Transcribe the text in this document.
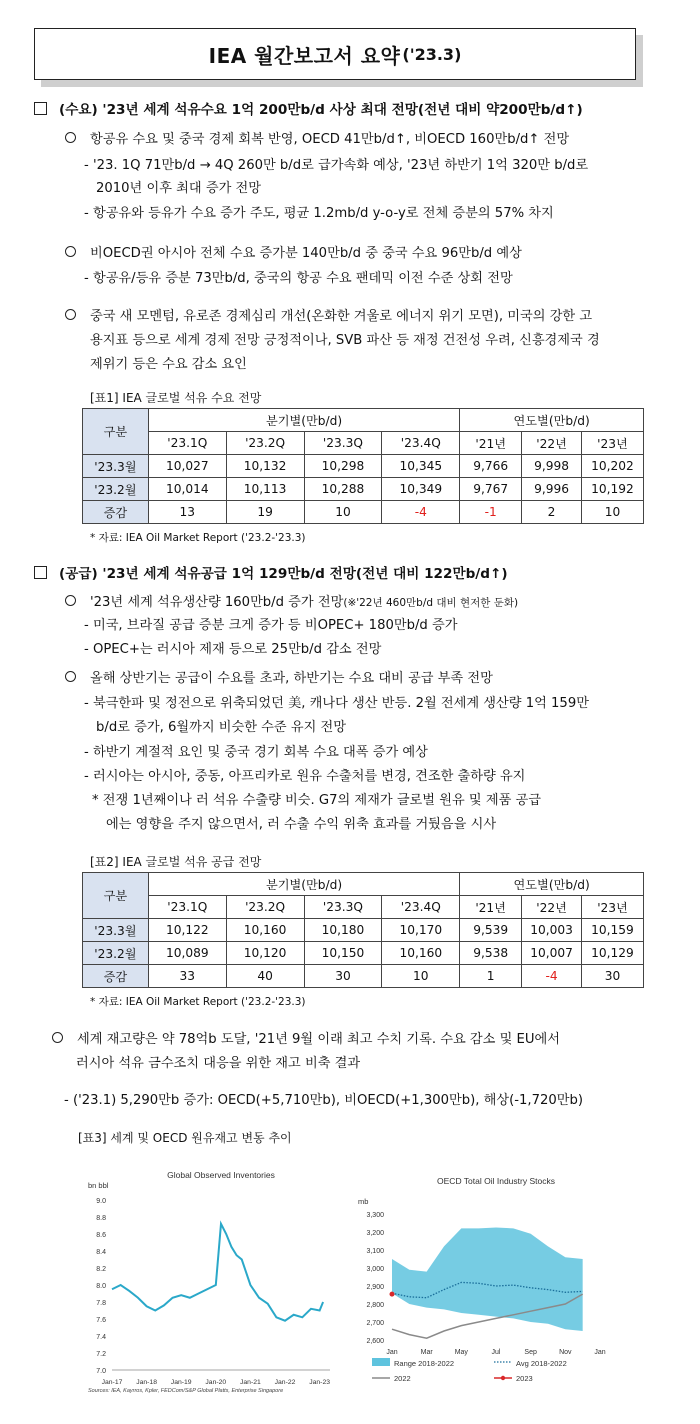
IEA 월간보고서 요약 ('23.3)
(수요) '23년 세계 석유수요 1억 200만b/d 사상 최대 전망(전년 대비 약200만b/d↑)
항공유 수요 및 중국 경제 회복 반영, OECD 41만b/d↑, 비OECD 160만b/d↑ 전망
- '23. 1Q 71만b/d → 4Q 260만 b/d로 급가속화 예상, '23년 하반기 1억 320만 b/d로
2010년 이후 최대 증가 전망
- 항공유와 등유가 수요 증가 주도, 평균 1.2mb/d y-o-y로 전체 증분의 57% 차지
비OECD권 아시아 전체 수요 증가분 140만b/d 중 중국 수요 96만b/d 예상
- 항공유/등유 증분 73만b/d, 중국의 항공 수요 팬데믹 이전 수준 상회 전망
중국 새 모멘텀, 유로존 경제심리 개선(온화한 겨울로 에너지 위기 모면), 미국의 강한 고
용지표 등으로 세계 경제 전망 긍정적이나, SVB 파산 등 재정 건전성 우려, 신흥경제국 경
제위기 등은 수요 감소 요인
[표1] IEA 글로벌 석유 수요 전망
구분	분기별(만b/d)				연도별(만b/d)		
	'23.1Q	'23.2Q	'23.3Q	'23.4Q	'21년	'22년	'23년
'23.3월	10,027	10,132	10,298	10,345	9,766	9,998	10,202
'23.2월	10,014	10,113	10,288	10,349	9,767	9,996	10,192
증감	13	19	10	-4	-1	2	10
* 자료: IEA Oil Market Report ('23.2-'23.3)
(공급) '23년 세계 석유공급 1억 129만b/d 전망(전년 대비 122만b/d↑)
'23년 세계 석유생산량 160만b/d 증가 전망(※'22년 460만b/d 대비 현저한 둔화)
- 미국, 브라질 공급 증분 크게 증가 등 비OPEC+ 180만b/d 증가
- OPEC+는 러시아 제재 등으로 25만b/d 감소 전망
올해 상반기는 공급이 수요를 초과, 하반기는 수요 대비 공급 부족 전망
- 북극한파 및 정전으로 위축되었던 美, 캐나다 생산 반등. 2월 전세계 생산량 1억 159만
b/d로 증가, 6월까지 비슷한 수준 유지 전망
- 하반기 계절적 요인 및 중국 경기 회복 수요 대폭 증가 예상
- 러시아는 아시아, 중동, 아프리카로 원유 수출처를 변경, 견조한 출하량 유지
* 전쟁 1년째이나 러 석유 수출량 비슷. G7의 제재가 글로벌 원유 및 제품 공급
에는 영향을 주지 않으면서, 러 수출 수익 위축 효과를 거뒀음을 시사
[표2] IEA 글로벌 석유 공급 전망
구분	분기별(만b/d)				연도별(만b/d)		
	'23.1Q	'23.2Q	'23.3Q	'23.4Q	'21년	'22년	'23년
'23.3월	10,122	10,160	10,180	10,170	9,539	10,003	10,159
'23.2월	10,089	10,120	10,150	10,160	9,538	10,007	10,129
증감	33	40	30	10	1	-4	30
* 자료: IEA Oil Market Report ('23.2-'23.3)
세계 재고량은 약 78억b 도달, '21년 9월 이래 최고 수치 기록. 수요 감소 및 EU에서
러시아 석유 금수조치 대응을 위한 재고 비축 결과
- ('23.1) 5,290만b 증가: OECD(+5,710만b), 비OECD(+1,300만b), 해상(-1,720만b)
[표3] 세계 및 OECD 원유재고 변동 추이
Global Observed Inventories
bn bbl
9.0
8.8
8.6
8.4
8.2
8.0
7.8
7.6
7.4
7.2
7.0
Jan-17 Jan-18 Jan-19 Jan-20 Jan-21 Jan-22 Jan-23
Sources: IEA, Kayrros, Kpler, FEDCom/S&P Global Platts, Enterprise Singapore
OECD Total Oil Industry Stocks
mb
3,300
3,200
3,100
3,000
2,900
2,800
2,700
2,600
Jan	Mar	May	Jul	Sep	Nov	Jan
Range 2018-2022	Avg 2018-2022
2022	2023
